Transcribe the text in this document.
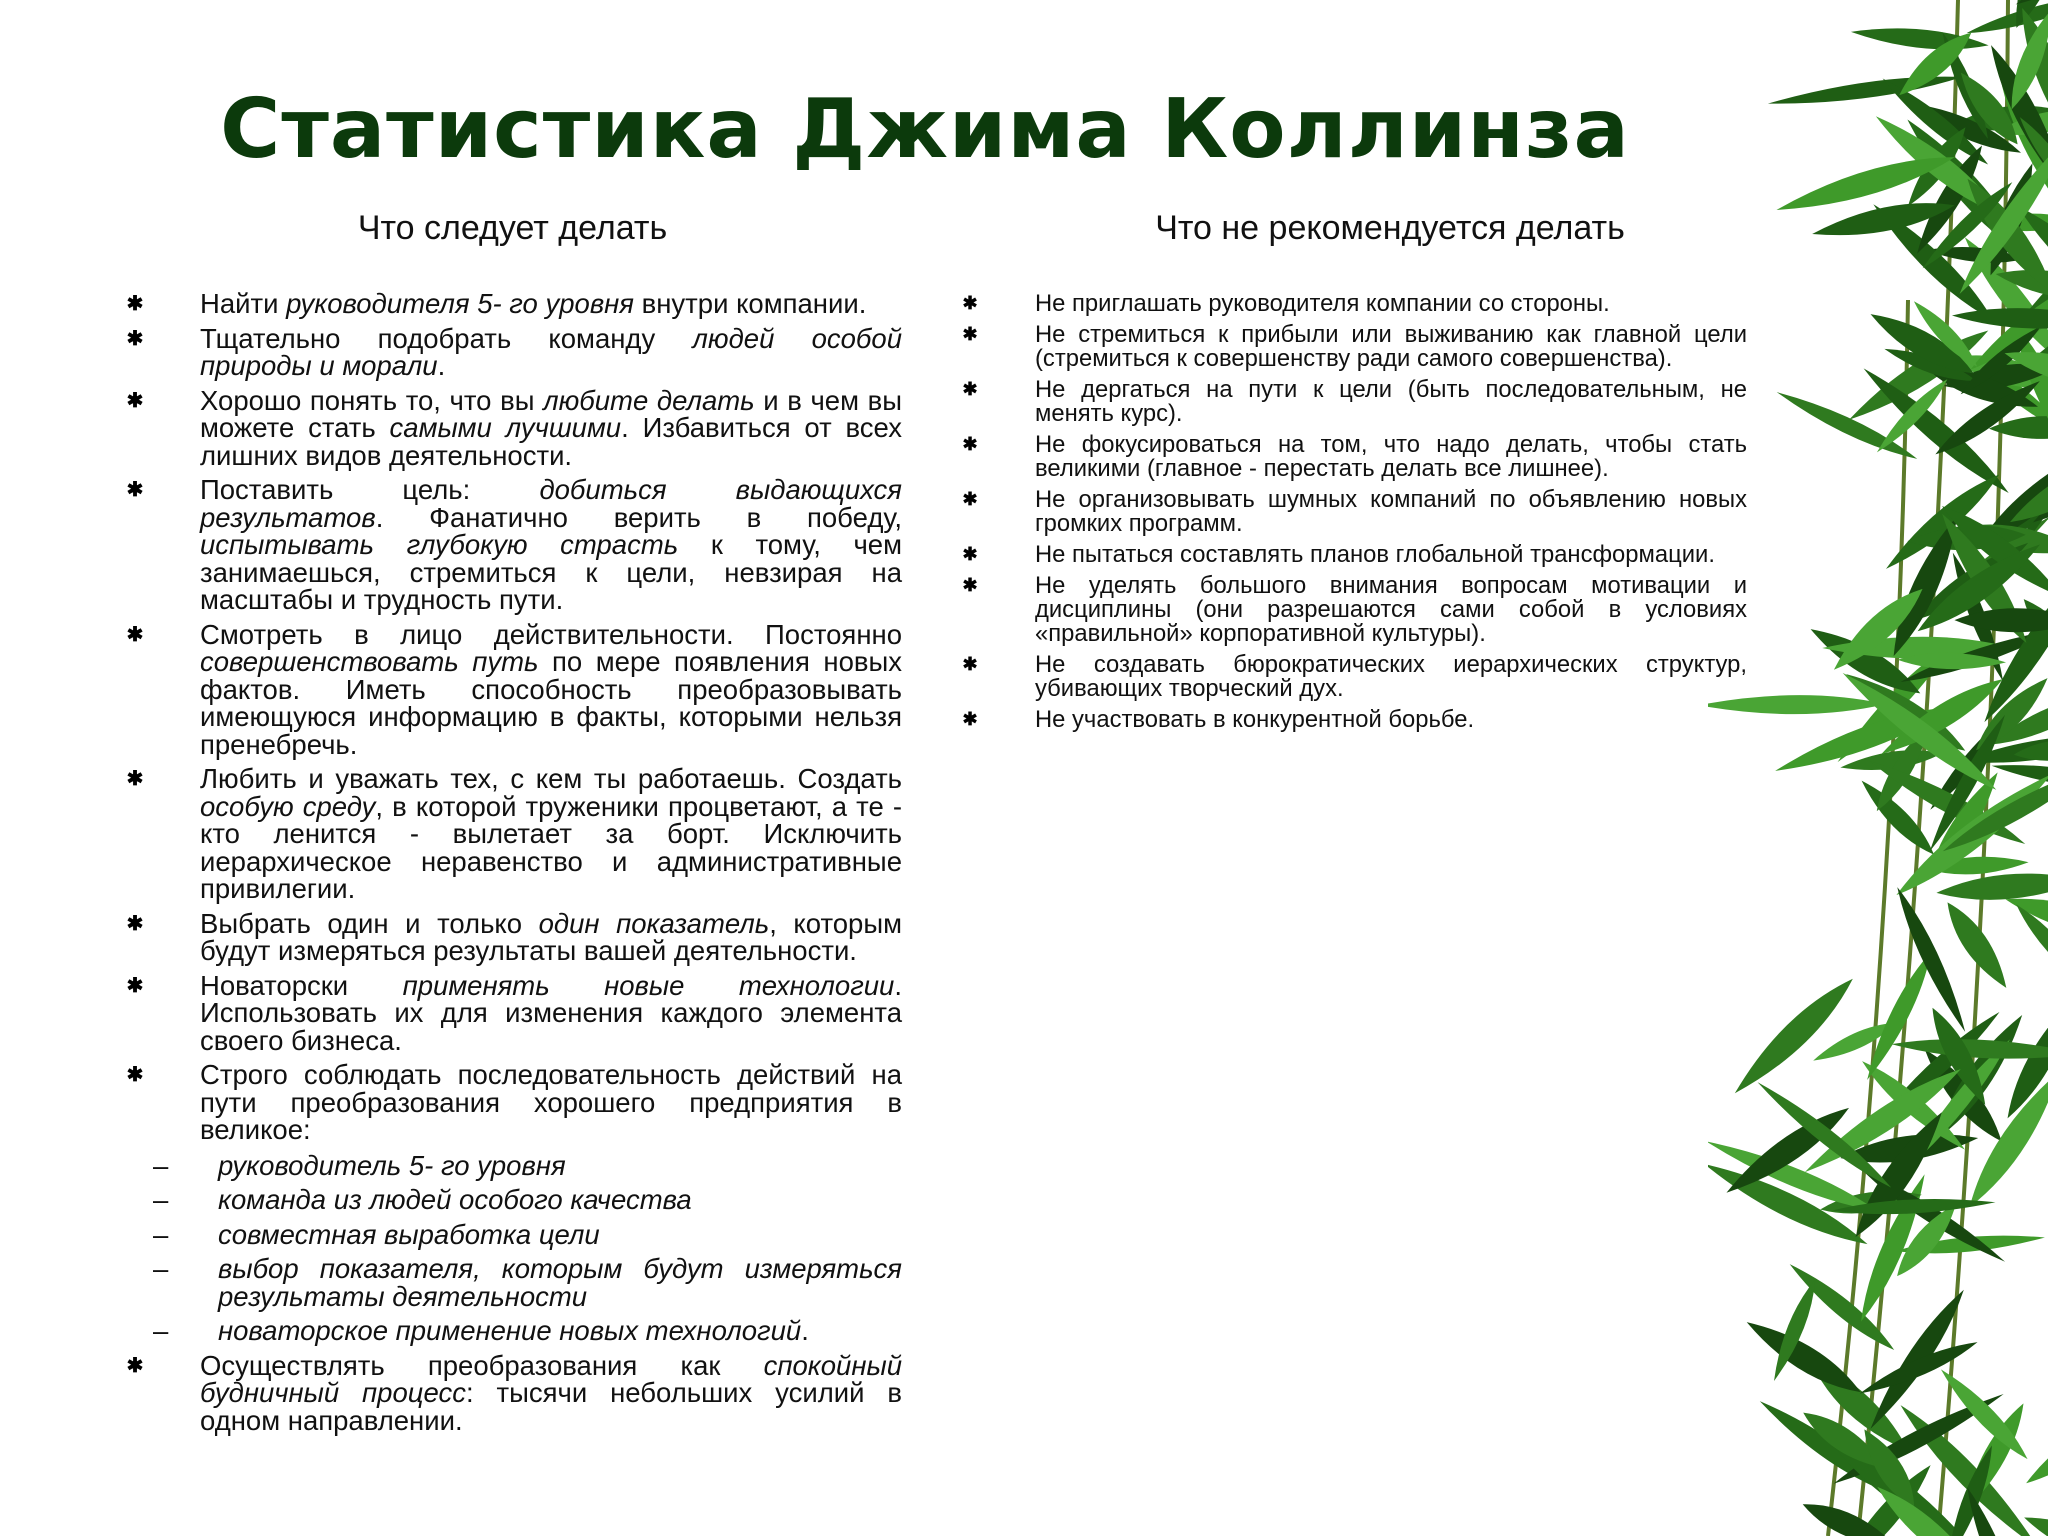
Статистика Джима Коллинза
Что следует делать	Что не рекомендуется делать
✱ Найти руководителя 5- го уровня внутри компании.
✱ Тщательно подобрать команду людей особой природы и морали.
✱ Хорошо понять то, что вы любите делать и в чем вы можете стать самыми лучшими. Избавиться от всех лишних видов деятельности.
✱ Поставить цель: добиться выдающихся результатов. Фанатично верить в победу, испытывать глубокую страсть к тому, чем занимаешься, стремиться к цели, невзирая на масштабы и трудность пути.
✱ Смотреть в лицо действительности. Постоянно совершенствовать путь по мере появления новых фактов. Иметь способность преобразовывать имеющуюся информацию в факты, которыми нельзя пренебречь.
✱ Любить и уважать тех, с кем ты работаешь. Создать особую среду, в которой труженики процветают, а те - кто ленится - вылетает за борт. Исключить иерархическое неравенство и административные привилегии.
✱ Выбрать один и только один показатель, которым будут измеряться результаты вашей деятельности.
✱ Новаторски применять новые технологии. Использовать их для изменения каждого элемента своего бизнеса.
✱ Строго соблюдать последовательность действий на пути преобразования хорошего предприятия в великое:
– руководитель 5- го уровня
– команда из людей особого качества
– совместная выработка цели
– выбор показателя, которым будут измеряться результаты деятельности
– новаторское применение новых технологий.
✱ Осуществлять преобразования как спокойный будничный процесс: тысячи небольших усилий в одном направлении.
✱	Не приглашать руководителя компании со стороны.
✱	Не стремиться к прибыли или выживанию как главной цели (стремиться к совершенству ради самого совершенства).
✱	Не дергаться на пути к цели (быть последовательным, не менять курс).
✱	Не фокусироваться на том, что надо делать, чтобы стать великими (главное - перестать делать все лишнее).
✱	Не организовывать шумных компаний по объявлению новых громких программ.
✱	Не пытаться составлять планов глобальной трансформации.
✱	Не уделять большого внимания вопросам мотивации и дисциплины (они разрешаются сами собой в условиях «правильной» корпоративной культуры).
✱	Не создавать бюрократических иерархических структур, убивающих творческий дух.
✱	Не участвовать в конкурентной борьбе.
